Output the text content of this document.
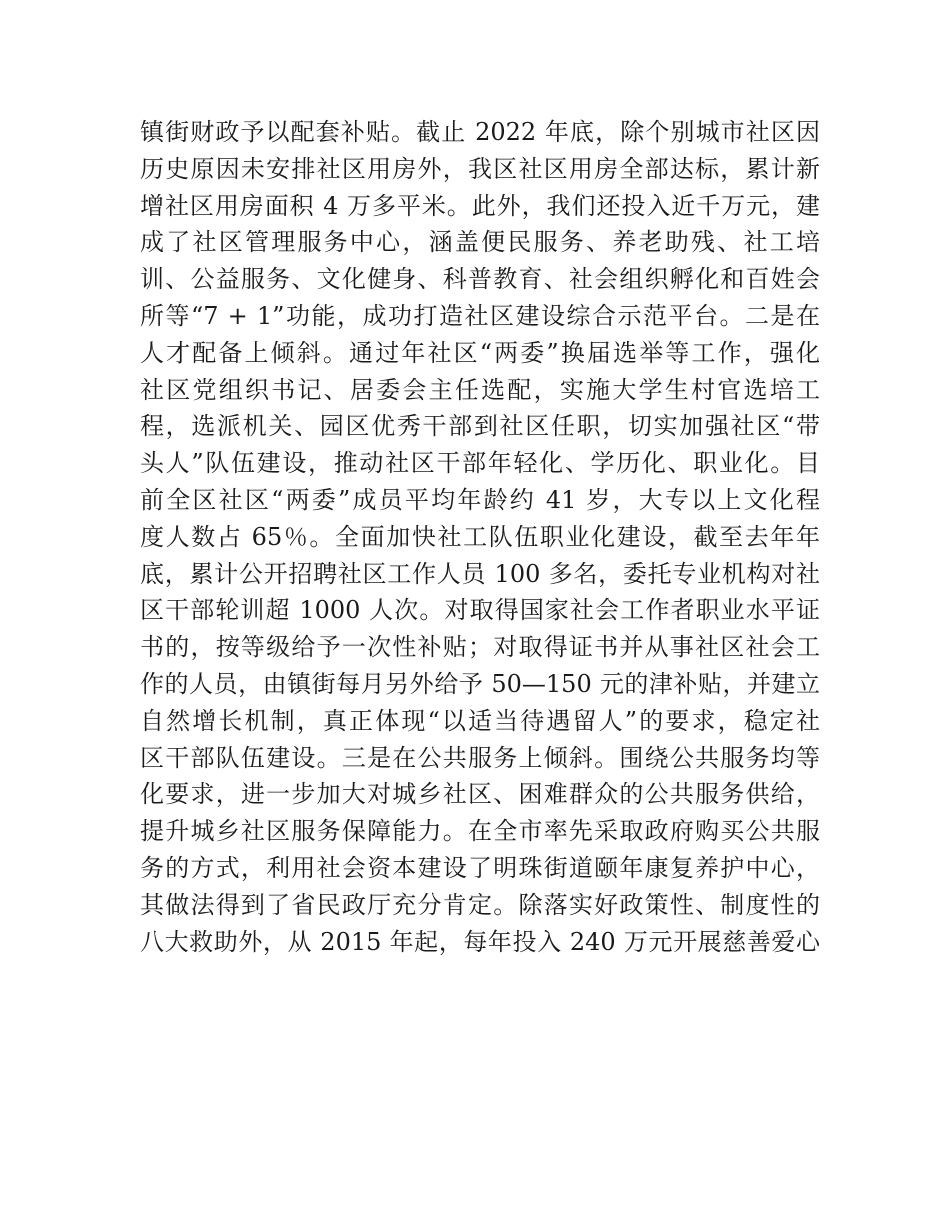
镇街财政予以配套补贴。截止 2022 年底，除个别城市社区因
历史原因未安排社区用房外，我区社区用房全部达标，累计新
增社区用房面积 4 万多平米。此外，我们还投入近千万元，建
成了社区管理服务中心，涵盖便民服务、养老助残、社工培
训、公益服务、文化健身、科普教育、社会组织孵化和百姓会
所等“7 + 1”功能，成功打造社区建设综合示范平台。二是在
人才配备上倾斜。通过年社区“两委”换届选举等工作，强化
社区党组织书记、居委会主任选配，实施大学生村官选培工
程，选派机关、园区优秀干部到社区任职，切实加强社区“带
头人”队伍建设，推动社区干部年轻化、学历化、职业化。目
前全区社区“两委”成员平均年龄约 41 岁，大专以上文化程
度人数占 65％。全面加快社工队伍职业化建设，截至去年年
底，累计公开招聘社区工作人员 100 多名，委托专业机构对社
区干部轮训超 1000 人次。对取得国家社会工作者职业水平证
书的，按等级给予一次性补贴；对取得证书并从事社区社会工
作的人员，由镇街每月另外给予 50—150 元的津补贴，并建立
自然增长机制，真正体现“以适当待遇留人”的要求，稳定社
区干部队伍建设。三是在公共服务上倾斜。围绕公共服务均等
化要求，进一步加大对城乡社区、困难群众的公共服务供给，
提升城乡社区服务保障能力。在全市率先采取政府购买公共服
务的方式，利用社会资本建设了明珠街道颐年康复养护中心，
其做法得到了省民政厅充分肯定。除落实好政策性、制度性的
八大救助外，从 2015 年起，每年投入 240 万元开展慈善爱心
